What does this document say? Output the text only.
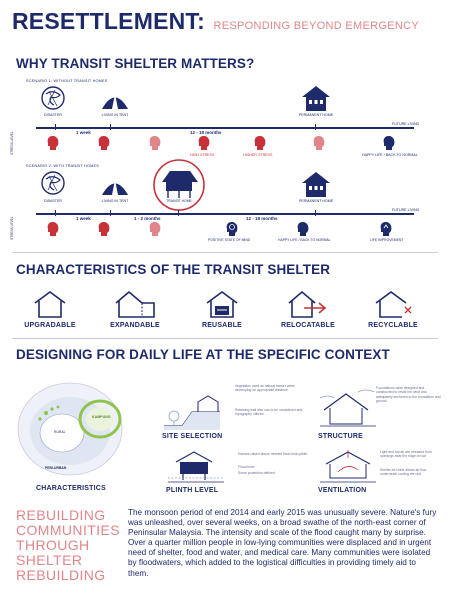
RESETTLEMENT: RESPONDING BEYOND EMERGENCY
WHY TRANSIT SHELTER MATTERS?
SCENARIO 1: WITHOUT TRANSIT HOMES
DISASTER	LIVING IN TENT	PERMANENT HOME
FUTURE LIVING
1 week	12 - 18 months
STRESS LEVEL	HIGH STRESS	HIGHER STRESS	HAPPY LIFE / BACK TO NORMAL
SCENARIO 2: WITH TRANSIT HOMES
DISASTER	LIVING IN TENT	TRANSIT HOME	PERMANENT HOME
FUTURE LIVING
1 week	1 - 2 months	12 - 18 months
STRESS LEVEL	POSITIVE STATE OF MIND	HAPPY LIFE / BACK TO NORMAL	LIFE IMPROVEMENT
CHARACTERISTICS OF THE TRANSIT SHELTER
UPGRADABLE	EXPANDABLE	REUSABLE	RELOCATABLE	RECYCLABLE
DESIGNING FOR DAILY LIFE AT THE SPECIFIC CONTEXT
RURAL
PERI-URBAN
KAMPUNG
CHARACTERISTICS
Vegetation used as natural barrier when developing on appropriate distance
Retaining wall also can to be considered and topography utilized
SITE SELECTION
Foundations were designed and constructed to resist the wind and adequately anchored to the foundation and ground
STRUCTURE
Houses raised above needed flood level plinth
Flood level
Some protection defined
PLINTH LEVEL
Light and hot air are released from openings near the ridge of roof
Shelter air inlets allows air flow underneath cooling the unit
VENTILATION
REBUILDING COMMUNITIES THROUGH SHELTER REBUILDING
The monsoon period of end 2014 and early 2015 was unusually severe. Nature's fury was unleashed, over several weeks, on a broad swathe of the north-east corner of Peninsular Malaysia. The intensity and scale of the flood caught many by surprise. Over a quarter million people in low-lying communities were displaced and in urgent need of shelter, food and water, and medical care. Many communities were isolated by floodwaters, which added to the logistical difficulties in providing timely aid to them.
